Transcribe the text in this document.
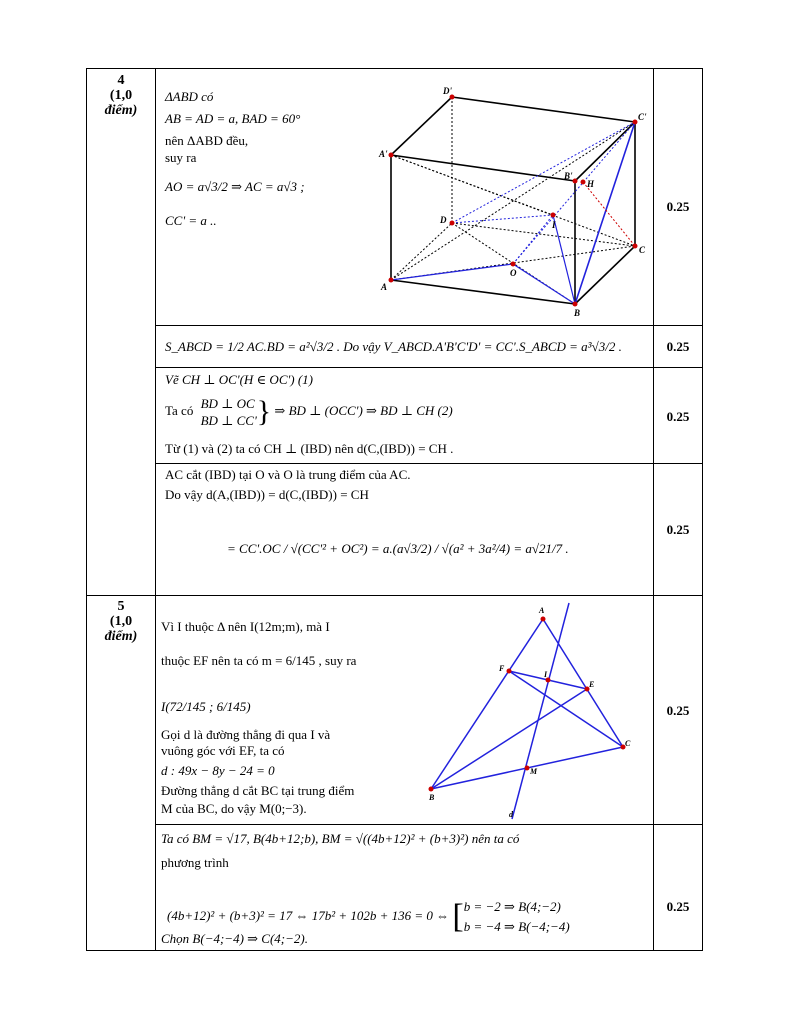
4
(1,0
điểm)
ΔABD có
AB = AD = a, BAD = 60°
nên ΔABD đều,
suy ra
AO = a√3/2 ⇒ AC = a√3 ;
CC' = a ..
0.25
D'
C'
A'
B'
H
D	I
C
O
A
B
S_ABCD = 1/2 AC.BD = a²√3/2 . Do vậy V_ABCD.A'B'C'D' = CC'.S_ABCD = a³√3/2 .	0.25
Vẽ CH ⊥ OC'(H ∈ OC') (1)
Ta có BD ⊥ OC
BD ⊥ CC' } ⇒ BD ⊥ (OCC') ⇒ BD ⊥ CH (2)
Từ (1) và (2) ta có CH ⊥ (IBD) nên d(C,(IBD)) = CH .
0.25
AC cắt (IBD) tại O và O là trung điểm của AC.
Do vậy d(A,(IBD)) = d(C,(IBD)) = CH
= CC'.OC / √(CC'² + OC²) = a.(a√3/2) / √(a² + 3a²/4) = a√21/7 .
0.25
5
(1,0
điểm)
Vì I thuộc Δ nên I(12m;m), mà I
thuộc EF nên ta có m = 6/145 , suy ra
I(72/145 ; 6/145)
Gọi d là đường thẳng đi qua I và
vuông góc với EF, ta có
d : 49x − 8y − 24 = 0
Đường thẳng d cắt BC tại trung điểm
M của BC, do vậy M(0;−3).
0.25
A
F
I
E
C
M
B
d
Ta có BM = √17, B(4b+12;b), BM = √((4b+12)² + (b+3)²) nên ta có
phương trình
(4b+12)² + (b+3)² = 17 ⇔ 17b² + 102b + 136 = 0 ⇔ [ b = −2 ⇒ B(4;−2)
b = −4 ⇒ B(−4;−4)
Chọn B(−4;−4) ⇒ C(4;−2).
0.25
